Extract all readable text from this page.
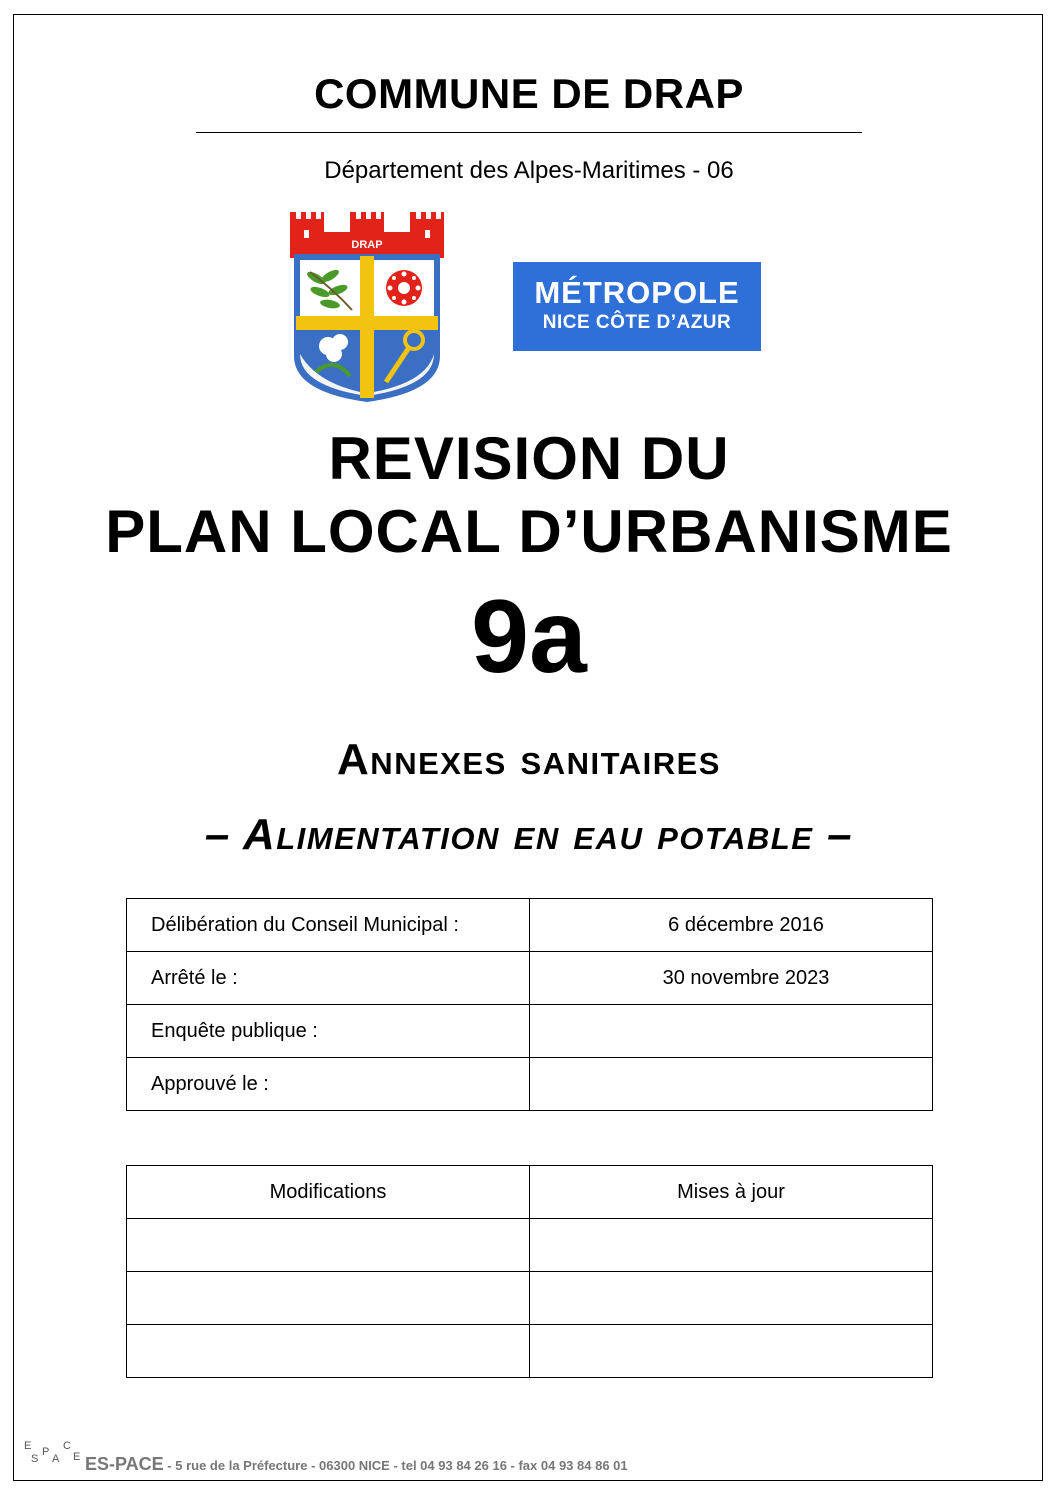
COMMUNE DE DRAP
Département des Alpes-Maritimes - 06
DRAP
MÉTROPOLE
NICE CÔTE D’AZUR
REVISION DU
PLAN LOCAL D’URBANISME
9a
Annexes sanitaires
– Alimentation en eau potable –
Délibération du Conseil Municipal :	6 décembre 2016
Arrêté le :	30 novembre 2023
Enquête publique :	
Approuvé le :	
Modifications	Mises à jour

E
S
P
A
C
E ES-PACE - 5 rue de la Préfecture - 06300 NICE - tel 04 93 84 26 16 - fax 04 93 84 86 01
